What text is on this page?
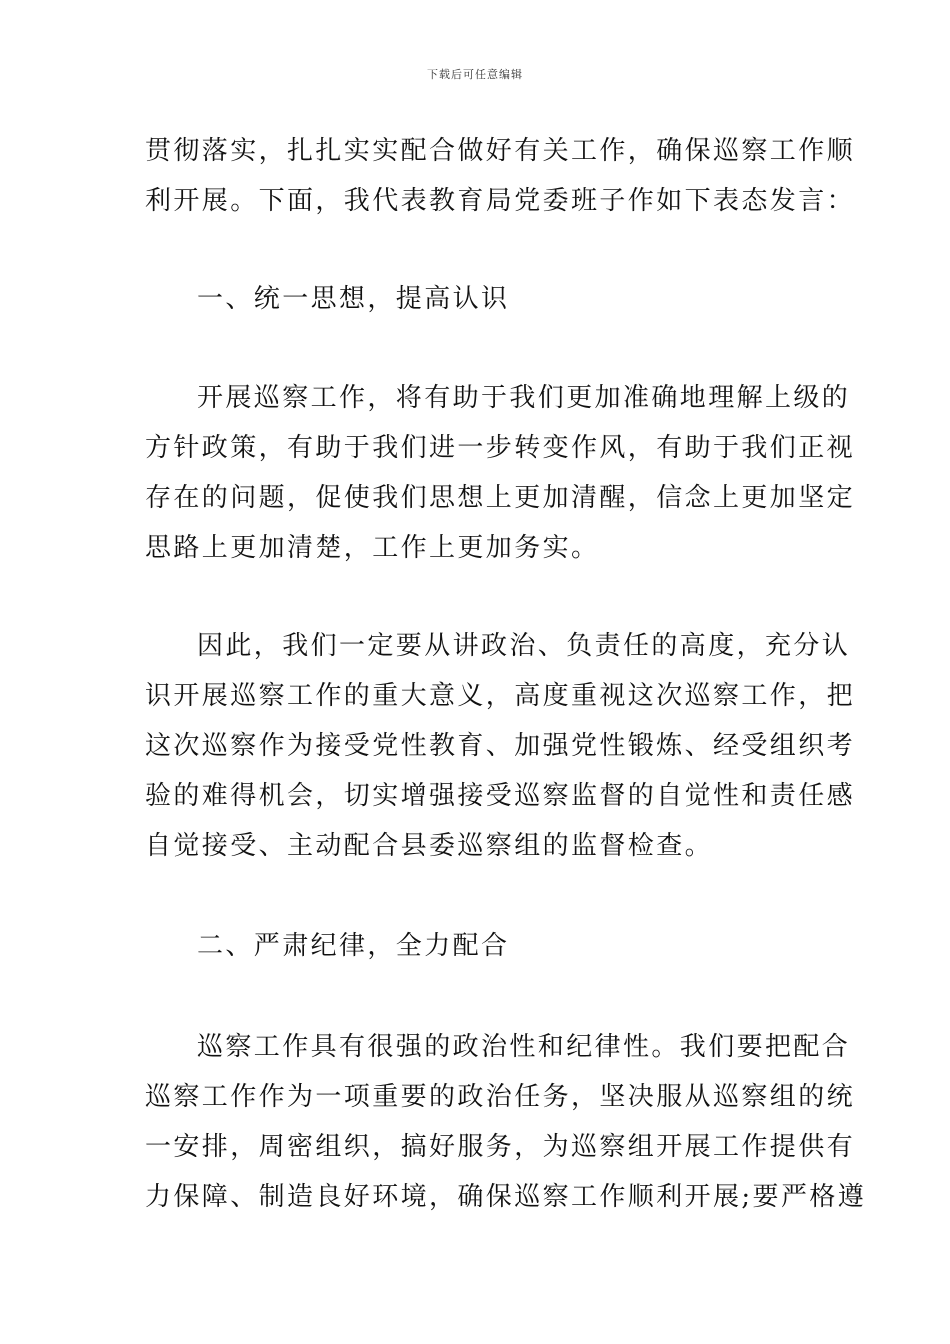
下载后可任意编辑
贯彻落实，扎扎实实配合做好有关工作，确保巡察工作顺
利开展。下面，我代表教育局党委班子作如下表态发言：
一、统一思想，提高认识
开展巡察工作，将有助于我们更加准确地理解上级的
方针政策，有助于我们进一步转变作风，有助于我们正视
存在的问题，促使我们思想上更加清醒，信念上更加坚定
思路上更加清楚，工作上更加务实。
因此，我们一定要从讲政治、负责任的高度，充分认
识开展巡察工作的重大意义，高度重视这次巡察工作，把
这次巡察作为接受党性教育、加强党性锻炼、经受组织考
验的难得机会，切实增强接受巡察监督的自觉性和责任感
自觉接受、主动配合县委巡察组的监督检查。
二、严肃纪律，全力配合
巡察工作具有很强的政治性和纪律性。我们要把配合
巡察工作作为一项重要的政治任务，坚决服从巡察组的统
一安排，周密组织，搞好服务，为巡察组开展工作提供有
力保障、制造良好环境，确保巡察工作顺利开展;要严格遵
